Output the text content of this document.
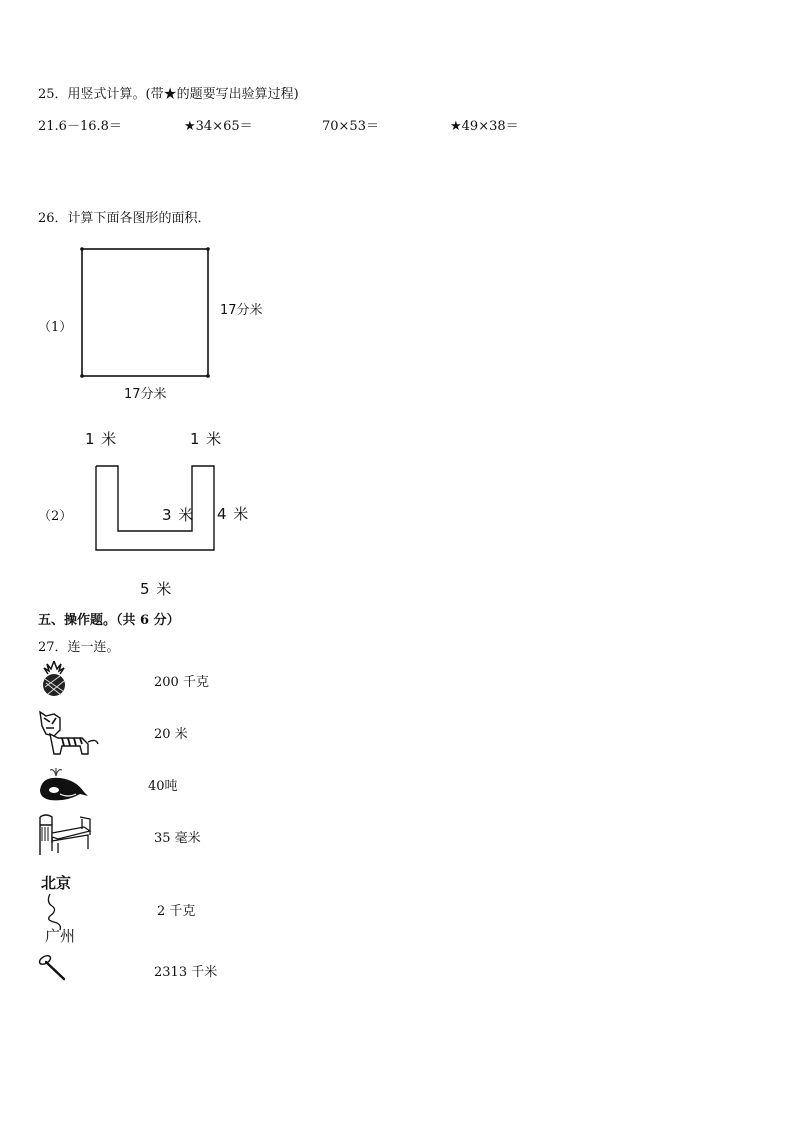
25．用竖式计算。(带★的题要写出验算过程)
21.6－16.8＝	★34×65＝	70×53＝	★49×38＝
26．计算下面各图形的面积．
（1）
17分米
17分米
（2）
1 米	1 米
3 米 4 米
5 米
五、操作题。（共 6 分）
27．连一连。
200 千克
20 米
40吨
35 毫米
北京
广州
2 千克
2313 千米
